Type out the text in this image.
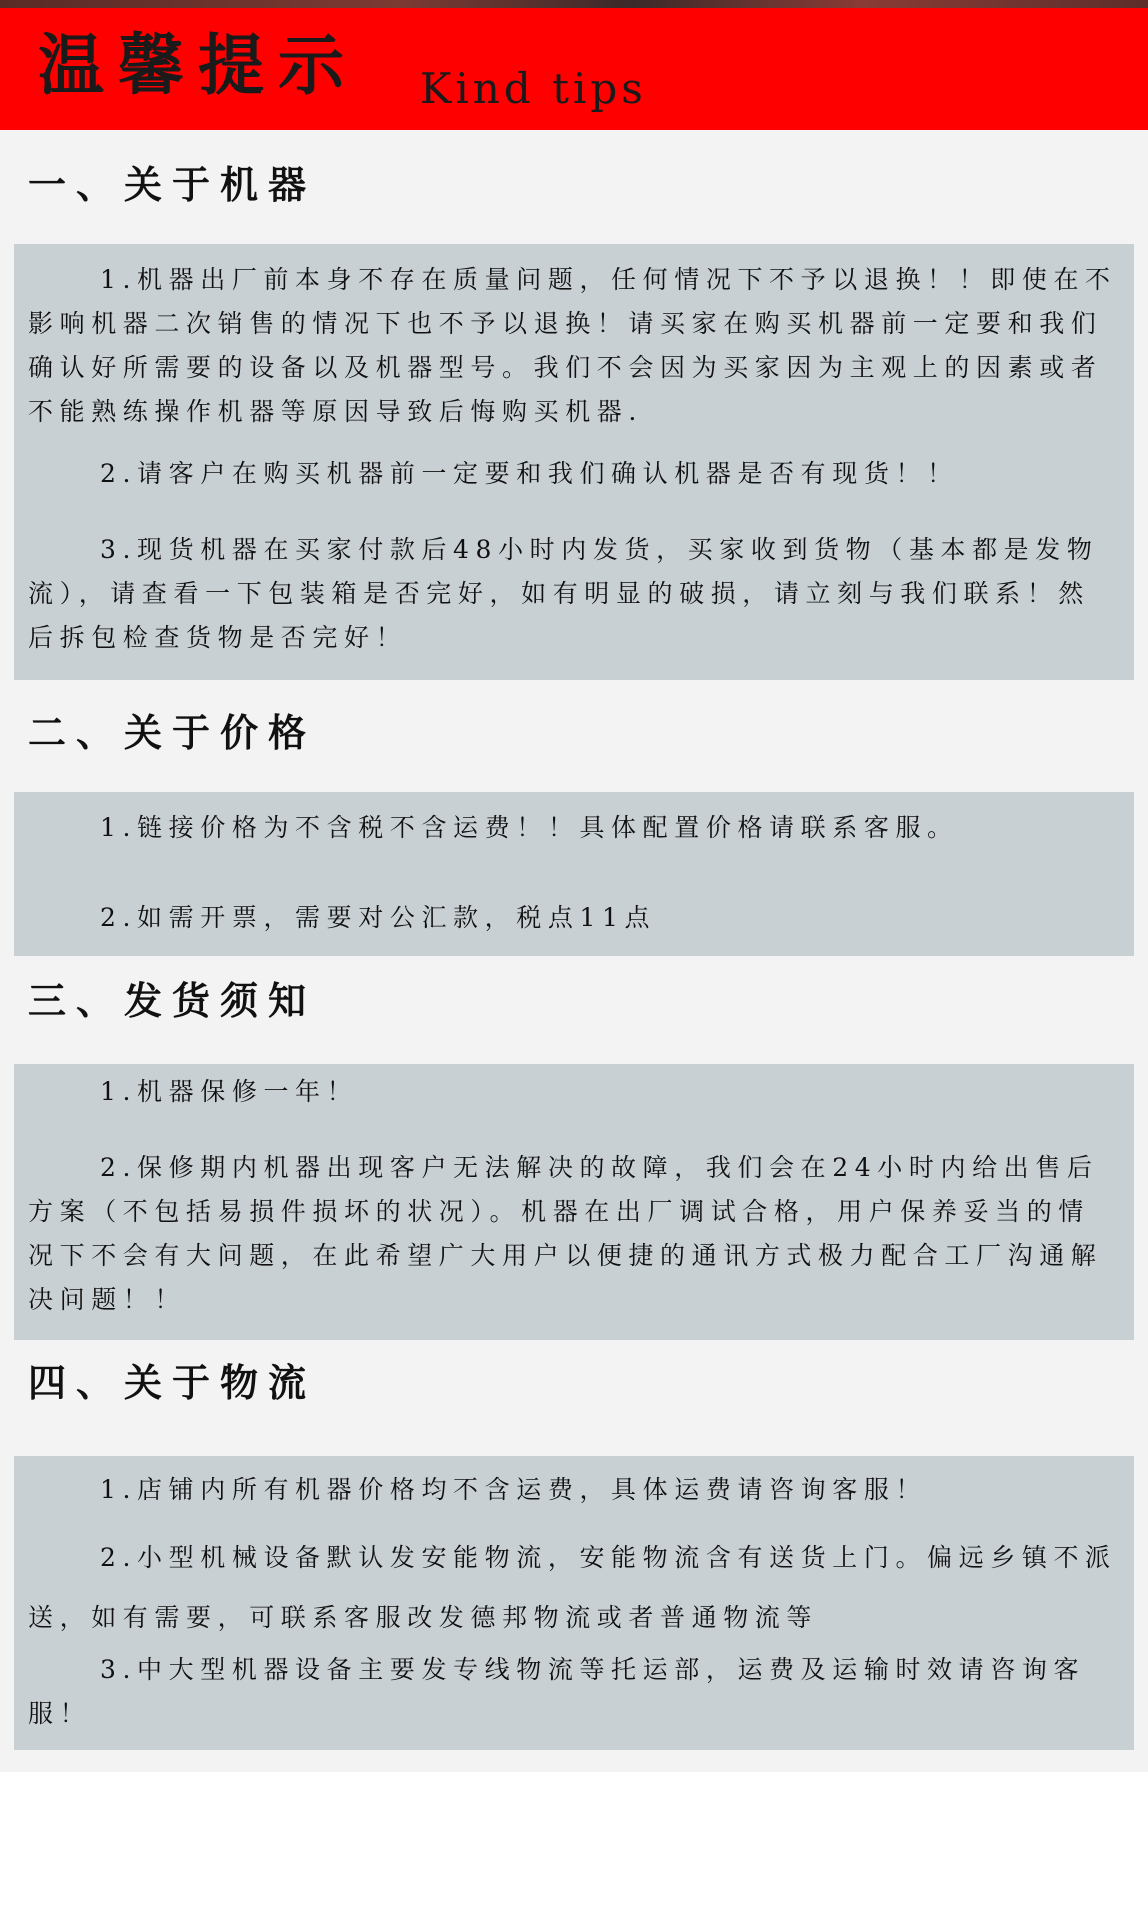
温馨提示 Kind tips
一、关于机器
1.机器出厂前本身不存在质量问题，任何情况下不予以退换！！即使在不影响机器二次销售的情况下也不予以退换！请买家在购买机器前一定要和我们确认好所需要的设备以及机器型号。我们不会因为买家因为主观上的因素或者不能熟练操作机器等原因导致后悔购买机器.
2.请客户在购买机器前一定要和我们确认机器是否有现货！！
3.现货机器在买家付款后48小时内发货，买家收到货物（基本都是发物流），请查看一下包装箱是否完好，如有明显的破损，请立刻与我们联系！然后拆包检查货物是否完好！
二、关于价格
1.链接价格为不含税不含运费！！具体配置价格请联系客服。
2.如需开票，需要对公汇款，税点11点
三、发货须知
1.机器保修一年！
2.保修期内机器出现客户无法解决的故障，我们会在24小时内给出售后方案（不包括易损件损坏的状况）。机器在出厂调试合格，用户保养妥当的情况下不会有大问题，在此希望广大用户以便捷的通讯方式极力配合工厂沟通解决问题！！
四、关于物流
1.店铺内所有机器价格均不含运费，具体运费请咨询客服！
2.小型机械设备默认发安能物流，安能物流含有送货上门。偏远乡镇不派送，如有需要，可联系客服改发德邦物流或者普通物流等
3.中大型机器设备主要发专线物流等托运部，运费及运输时效请咨询客服！
